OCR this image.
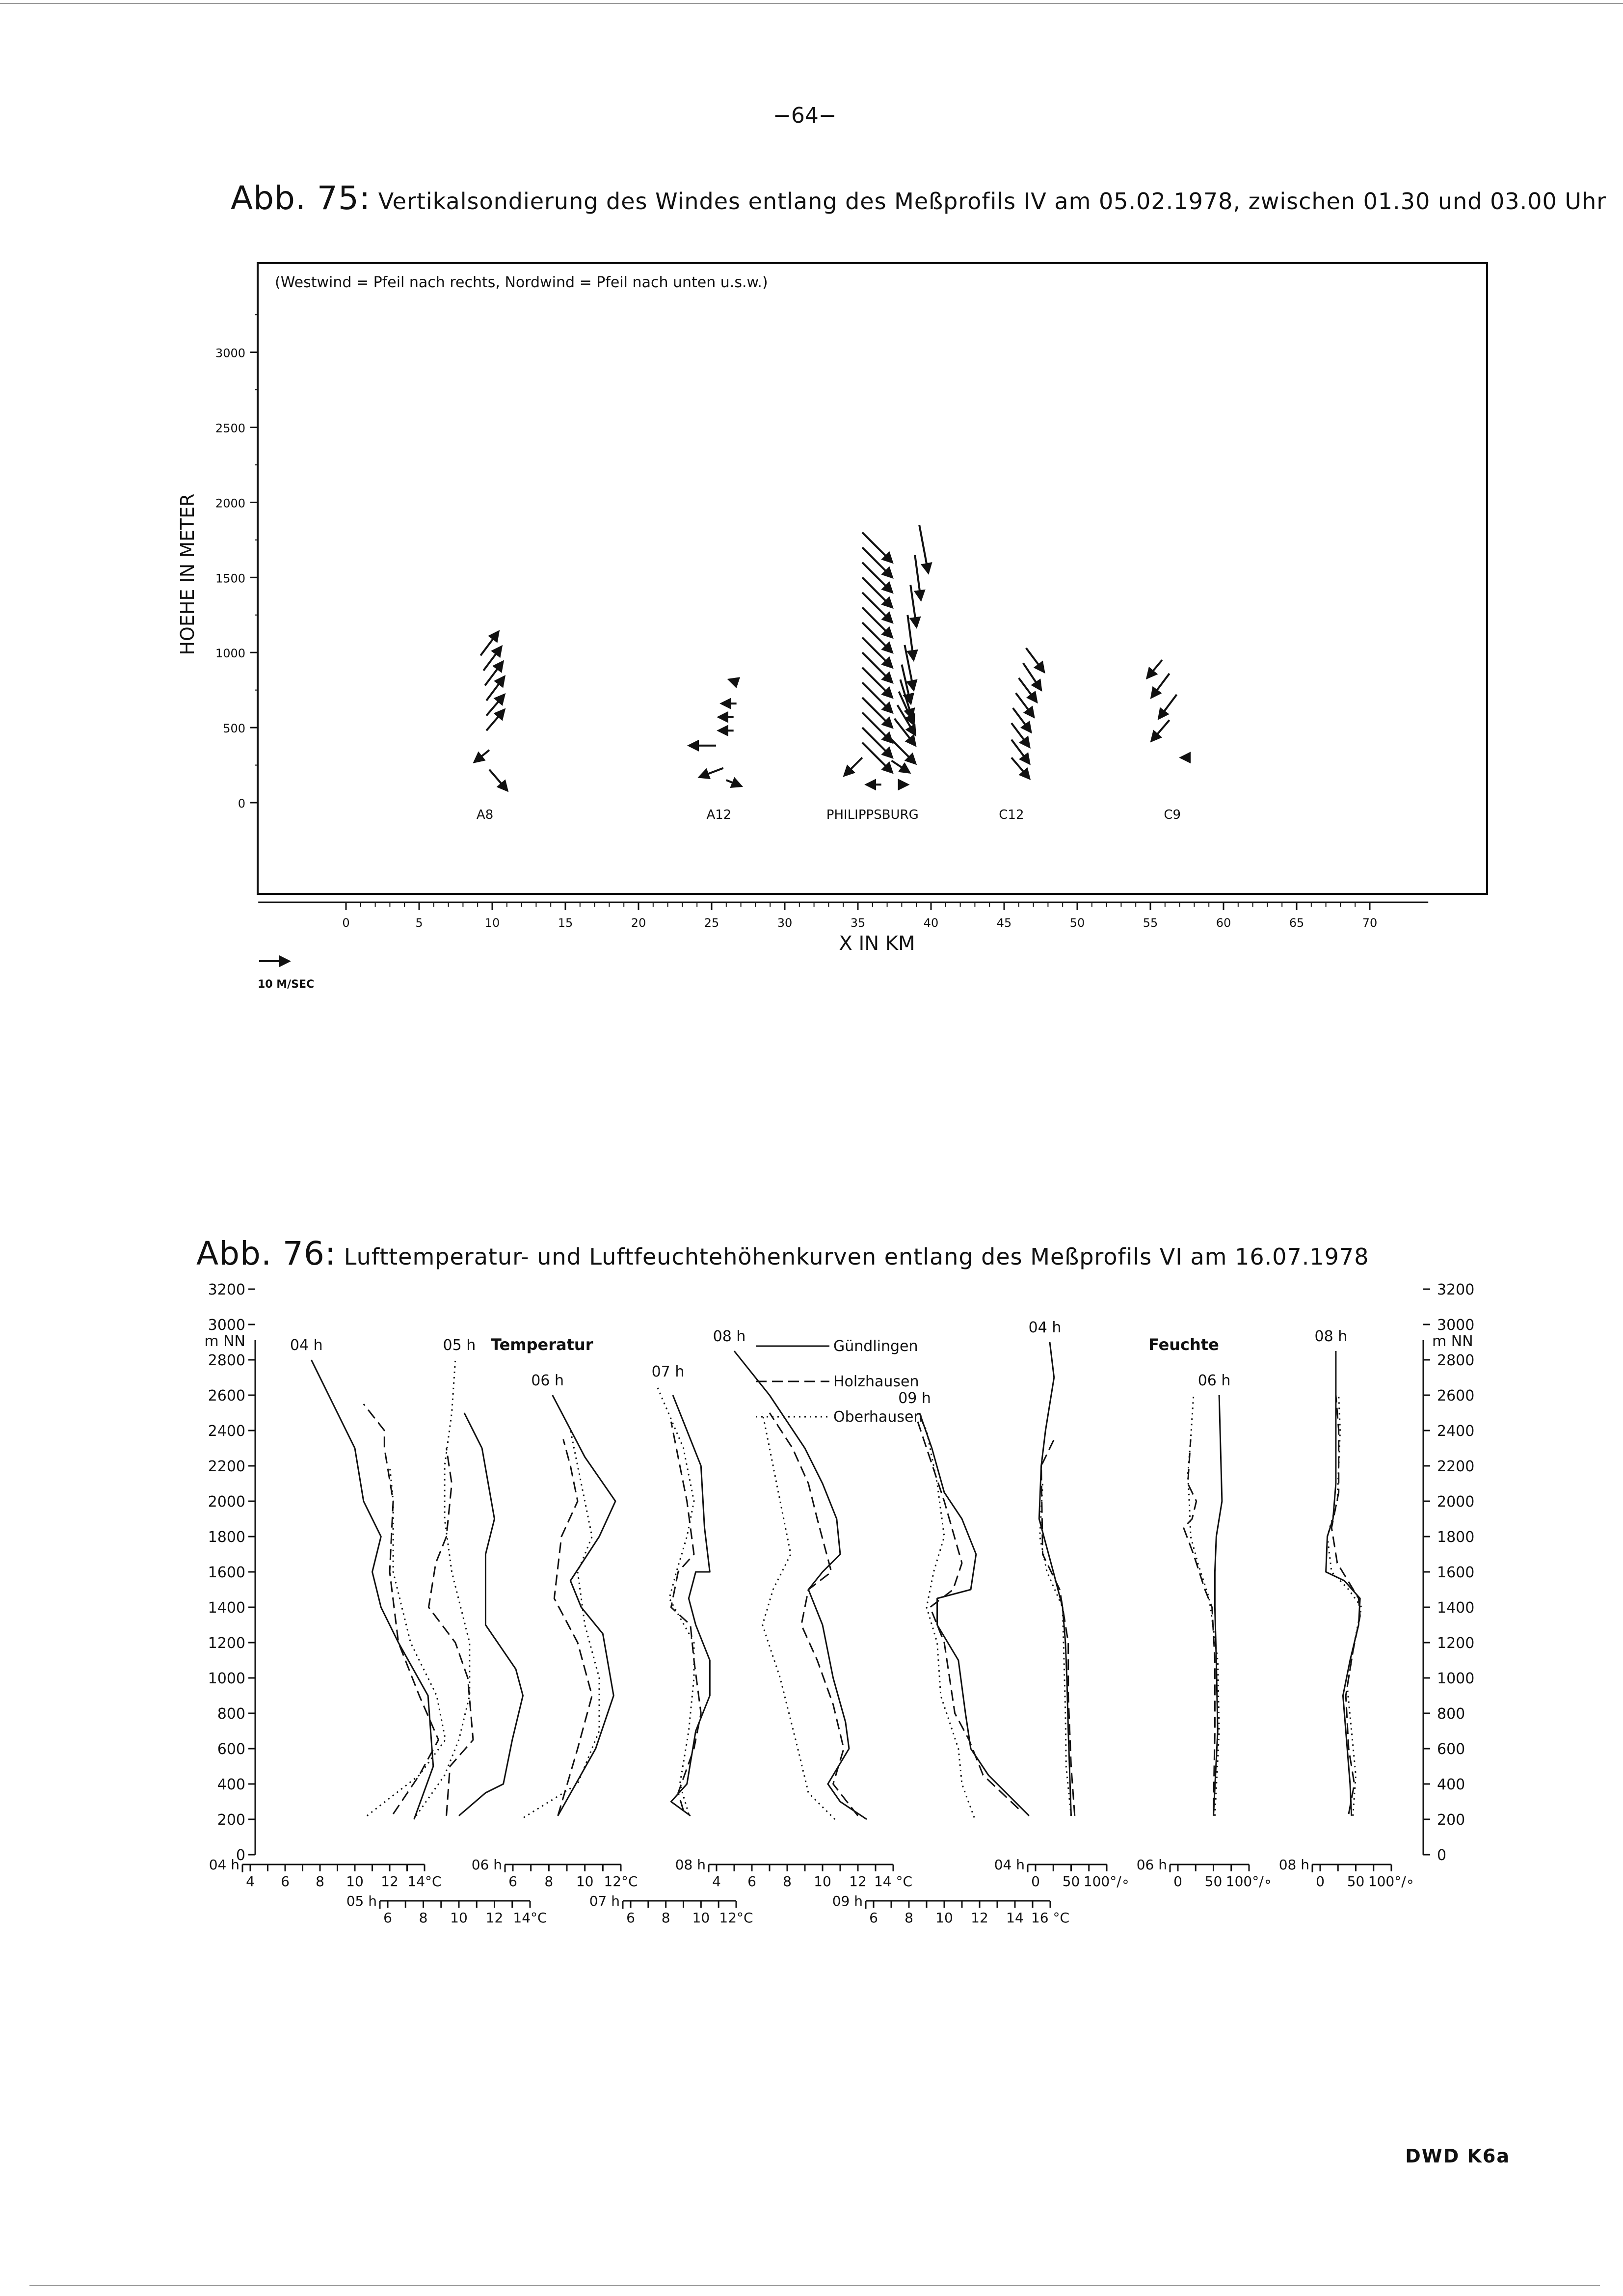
−64−
Abb. 75: Vertikalsondierung des Windes entlang des Meßprofils IV am 05.02.1978, zwischen 01.30 und 03.00 Uhr
(Westwind = Pfeil nach rechts, Nordwind = Pfeil nach unten u.s.w.)
0
500
1000
1500
2000
2500
3000
0	5	10	15	20	25	30	35	40	45	50	55	60	65	70
X IN KM
HOEHE IN METER
A8	A12	PHILIPPSBURG	C12	C9
10 M/SEC
Abb. 76: Lufttemperatur- und Luftfeuchtehöhenkurven entlang des Meßprofils VI am 16.07.1978
0	0
200	200
400	400
600	600
800	800
1000	1000
1200	1200
1400	1400
1600	1600
1800	1800
2000	2000
2200	2200
2400	2400
2600	2600
2800	2800
3000	3000
3200	3200
m NN	m NN
Temperatur	Feuchte
Gündlingen
Holzhausen
Oberhausen
04 h	05 h
06 h
07 h
08 h
09 h
04 h
06 h
08 h
4 6 8 10 12 14°C
04 h
6 8 10 12 14°C
05 h
6 8 10 12°C
06 h
6 8 10 12°C
07 h
4 6 8 10 12 14 °C
08 h
6 8 10 12 14 16 °C
09 h
0 50 100°/∘
04 h
0 50 100°/∘
06 h
0 50 100°/∘
08 h
DWD K6a
